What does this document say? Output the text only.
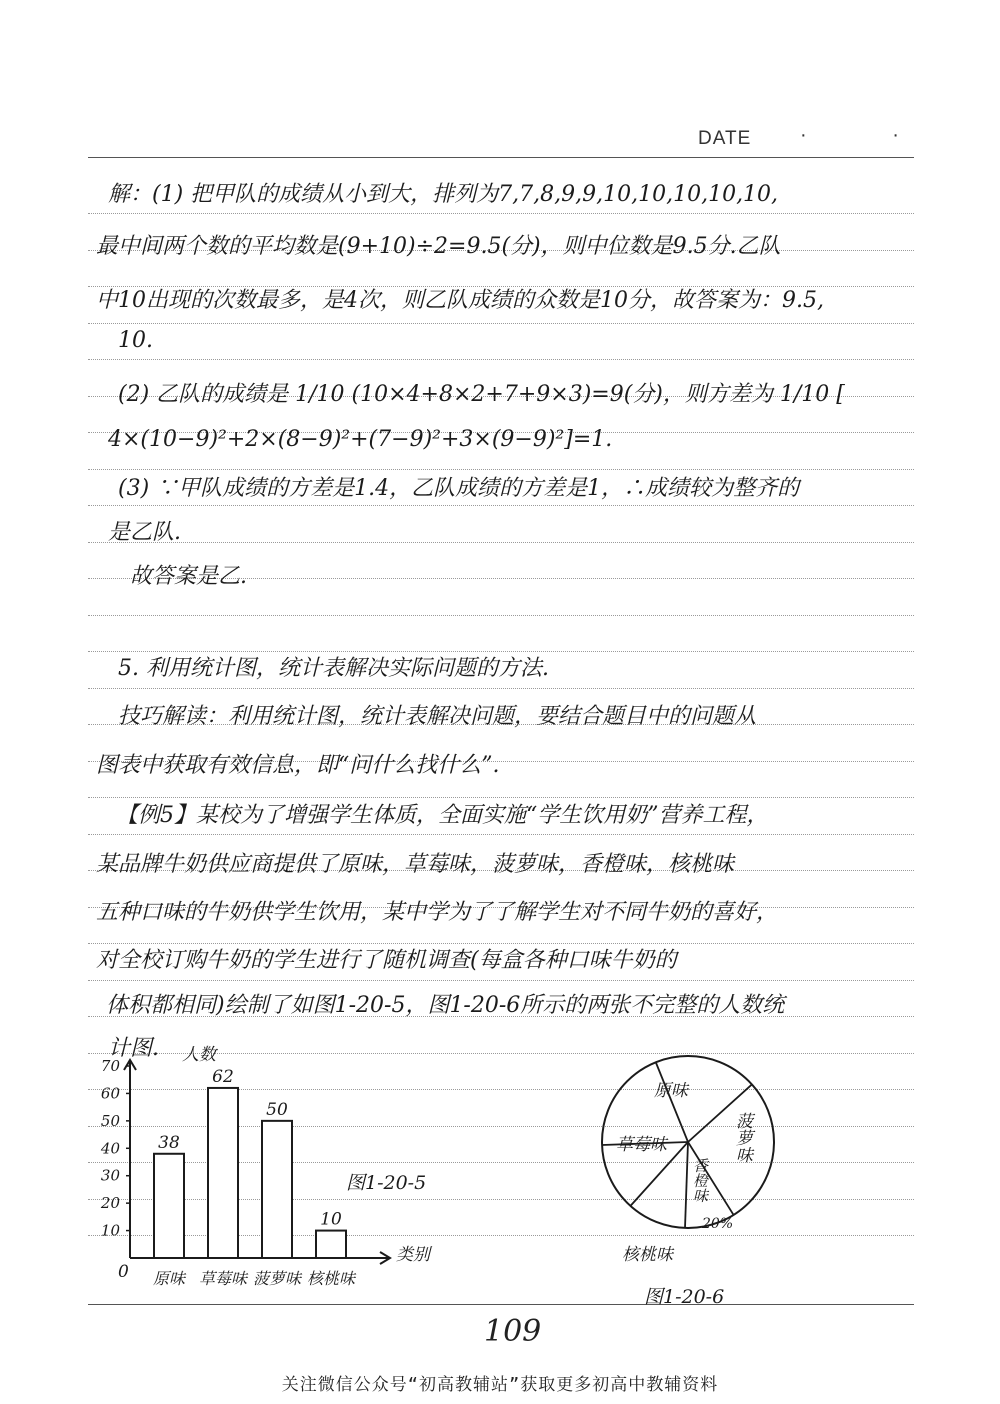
DATE · ·
解：(1) 把甲队的成绩从小到大，排列为7,7,8,9,9,10,10,10,10,10,
最中间两个数的平均数是(9+10)÷2=9.5(分)，则中位数是9.5分.乙队
中10出现的次数最多，是4次，则乙队成绩的众数是10分，故答案为：9.5,
10.
(2) 乙队的成绩是 1/10 (10×4+8×2+7+9×3)=9(分)，则方差为 1/10 [
4×(10−9)²+2×(8−9)²+(7−9)²+3×(9−9)²]=1.
(3) ∵甲队成绩的方差是1.4，乙队成绩的方差是1，∴成绩较为整齐的
是乙队.
故答案是乙.
5. 利用统计图，统计表解决实际问题的方法.
技巧解读：利用统计图，统计表解决问题，要结合题目中的问题从
图表中获取有效信息，即“问什么找什么”.
【例5】某校为了增强学生体质，全面实施“学生饮用奶”营养工程，
某品牌牛奶供应商提供了原味，草莓味，菠萝味，香橙味，核桃味
五种口味的牛奶供学生饮用，某中学为了了解学生对不同牛奶的喜好，
对全校订购牛奶的学生进行了随机调查(每盒各种口味牛奶的
体积都相同)绘制了如图1-20-5，图1-20-6所示的两张不完整的人数统
计图.
10
20
30
40
50
60
70
38
原味
62
草莓味
50
菠萝味
10
核桃味
人数
类别
0
图1-20-5
原味
菠萝味
香橙味
20%
草莓味
核桃味
图1-20-6
109
关注微信公众号“初高教辅站”获取更多初高中教辅资料
